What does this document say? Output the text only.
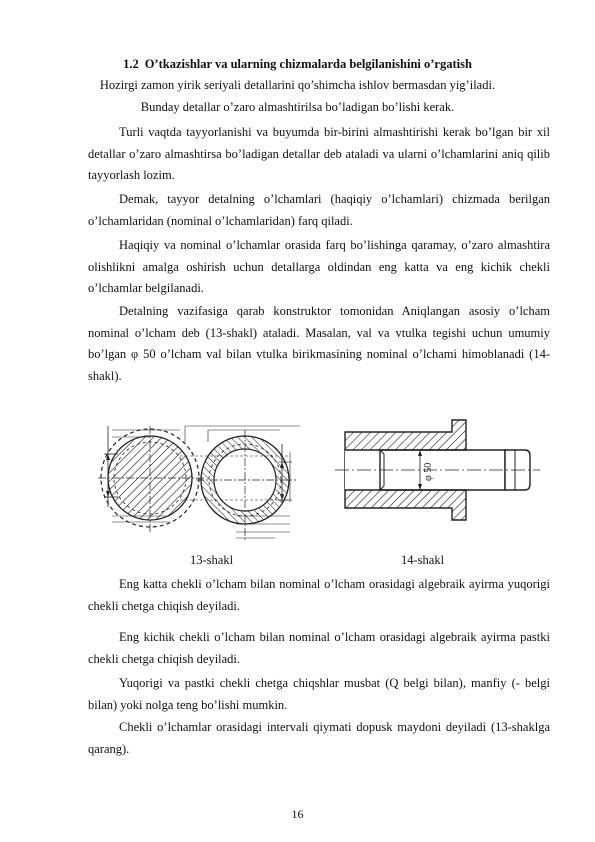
1.2 O’tkazishlar va ularning chizmalarda belgilanishini o’rgatish
Hozirgi zamon yirik seriyali detallarini qo’shimcha ishlov bermasdan yig’iladi.
Bunday detallar o’zaro almashtirilsa bo’ladigan bo’lishi kerak.

Turli vaqtda tayyorlanishi va buyumda bir-birini almashtirishi kerak bo’lgan bir xil detallar o’zaro almashtirsa bo’ladigan detallar deb ataladi va ularni o’lchamlarini aniq qilib tayyorlash lozim.

Demak, tayyor detalning o’lchamlari (haqiqiy o’lchamlari) chizmada berilgan o’lchamlaridan (nominal o’lchamlaridan) farq qiladi.

Haqiqiy va nominal o’lchamlar orasida farq bo’lishinga qaramay, o’zaro almashtira olishlikni amalga oshirish uchun detallarga oldindan eng katta va eng kichik chekli o’lchamlar belgilanadi.

Detalning vazifasiga qarab konstruktor tomonidan Aniqlangan asosiy o’lcham nominal o’lcham deb (13-shakl) ataladi. Masalan, val va vtulka tegishi uchun umumiy bo’lgan φ 50 o’lcham val bilan vtulka birikmasining nominal o’lchami himoblanadi (14-shakl).

φ 50
13-shakl	14-shakl

Eng katta chekli o’lcham bilan nominal o’lcham orasidagi algebraik ayirma yuqorigi chekli chetga chiqish deyiladi.

Eng kichik chekli o’lcham bilan nominal o’lcham orasidagi algebraik ayirma pastki chekli chetga chiqish deyiladi.

Yuqorigi va pastki chekli chetga chiqshlar musbat (Q belgi bilan), manfiy (- belgi bilan) yoki nolga teng bo’lishi mumkin.

Chekli o’lchamlar orasidagi intervali qiymati dopusk maydoni deyiladi (13-shaklga qarang).

16
